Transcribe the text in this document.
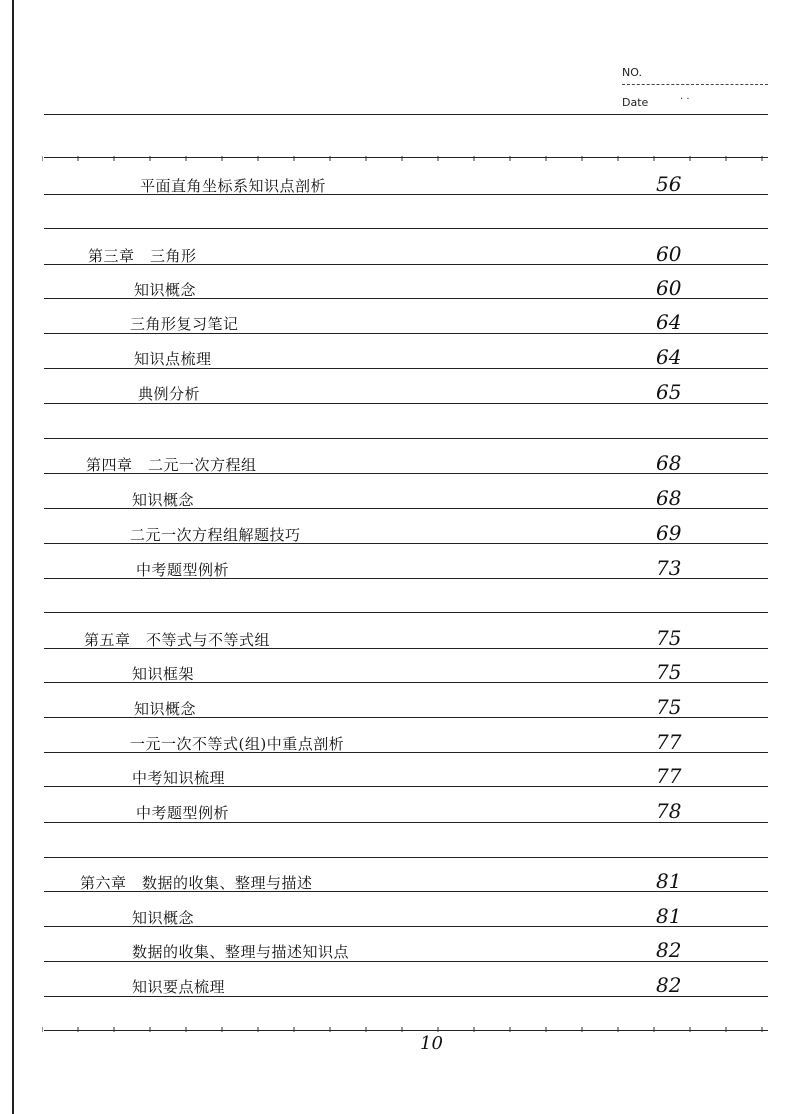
NO.
Date	· ·
平面直角坐标系知识点剖析	56
第三章　三角形	60
知识概念	60
三角形复习笔记	64
知识点梳理	64
典例分析	65
第四章　二元一次方程组	68
知识概念	68
二元一次方程组解题技巧	69
中考题型例析	73
第五章　不等式与不等式组	75
知识框架	75
知识概念	75
一元一次不等式(组)中重点剖析	77
中考知识梳理	77
中考题型例析	78
第六章　数据的收集、整理与描述	81
知识概念	81
数据的收集、整理与描述知识点	82
知识要点梳理	82
10
